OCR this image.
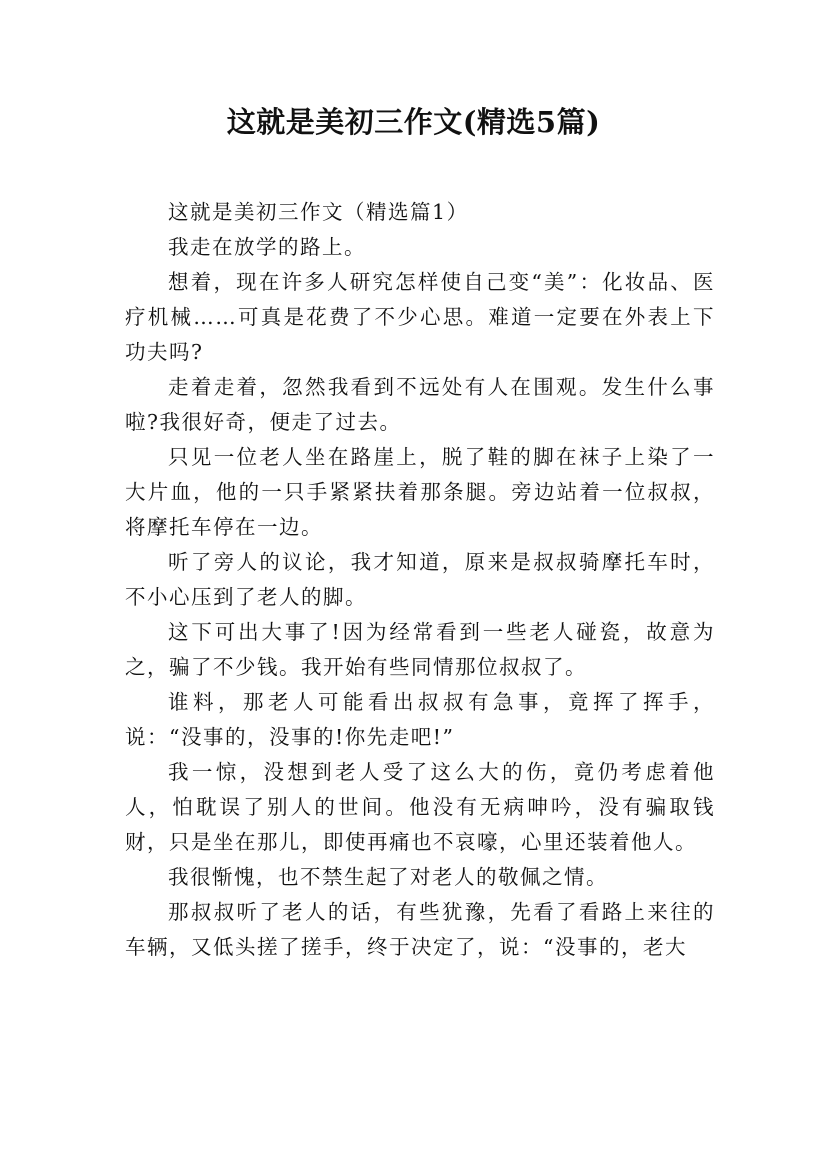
这就是美初三作文(精选5篇)

这就是美初三作文（精选篇1）

我走在放学的路上。

想着，现在许多人研究怎样使自己变“美”：化妆品、医疗机械……可真是花费了不少心思。难道一定要在外表上下功夫吗?

走着走着，忽然我看到不远处有人在围观。发生什么事啦?我很好奇，便走了过去。

只见一位老人坐在路崖上，脱了鞋的脚在袜子上染了一大片血，他的一只手紧紧扶着那条腿。旁边站着一位叔叔，将摩托车停在一边。

听了旁人的议论，我才知道，原来是叔叔骑摩托车时，不小心压到了老人的脚。

这下可出大事了!因为经常看到一些老人碰瓷，故意为之，骗了不少钱。我开始有些同情那位叔叔了。

谁料，那老人可能看出叔叔有急事，竟挥了挥手，说：“没事的，没事的!你先走吧!”

我一惊，没想到老人受了这么大的伤，竟仍考虑着他人，怕耽误了别人的世间。他没有无病呻吟，没有骗取钱财，只是坐在那儿，即使再痛也不哀嚎，心里还装着他人。

我很惭愧，也不禁生起了对老人的敬佩之情。

那叔叔听了老人的话，有些犹豫，先看了看路上来往的车辆，又低头搓了搓手，终于决定了，说：“没事的，老大
